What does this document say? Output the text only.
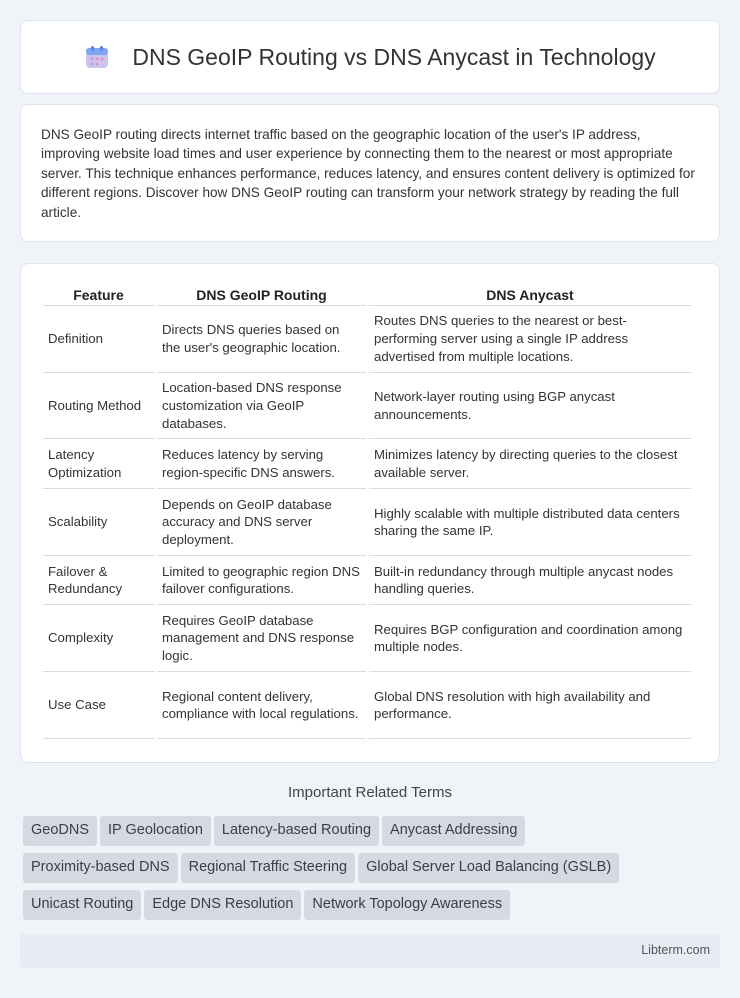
DNS GeoIP Routing vs DNS Anycast in Technology

DNS GeoIP routing directs internet traffic based on the geographic location of the user's IP address, improving website load times and user experience by connecting them to the nearest or most appropriate server. This technique enhances performance, reduces latency, and ensures content delivery is optimized for different regions. Discover how DNS GeoIP routing can transform your network strategy by reading the full article.

Feature	DNS GeoIP Routing	DNS Anycast
Definition	Directs DNS queries based on the user's geographic location.	Routes DNS queries to the nearest or best-performing server using a single IP address advertised from multiple locations.
Routing Method	Location-based DNS response customization via GeoIP databases.	Network-layer routing using BGP anycast announcements.
Latency Optimization	Reduces latency by serving region-specific DNS answers.	Minimizes latency by directing queries to the closest available server.
Scalability	Depends on GeoIP database accuracy and DNS server deployment.	Highly scalable with multiple distributed data centers sharing the same IP.
Failover & Redundancy	Limited to geographic region DNS failover configurations.	Built-in redundancy through multiple anycast nodes handling queries.
Complexity	Requires GeoIP database management and DNS response logic.	Requires BGP configuration and coordination among multiple nodes.
Use Case	Regional content delivery, compliance with local regulations.	Global DNS resolution with high availability and performance.
Important Related Terms
GeoDNS IP Geolocation Latency-based Routing Anycast Addressing
Proximity-based DNS Regional Traffic Steering Global Server Load Balancing (GSLB)
Unicast Routing Edge DNS Resolution Network Topology Awareness
Libterm.com
